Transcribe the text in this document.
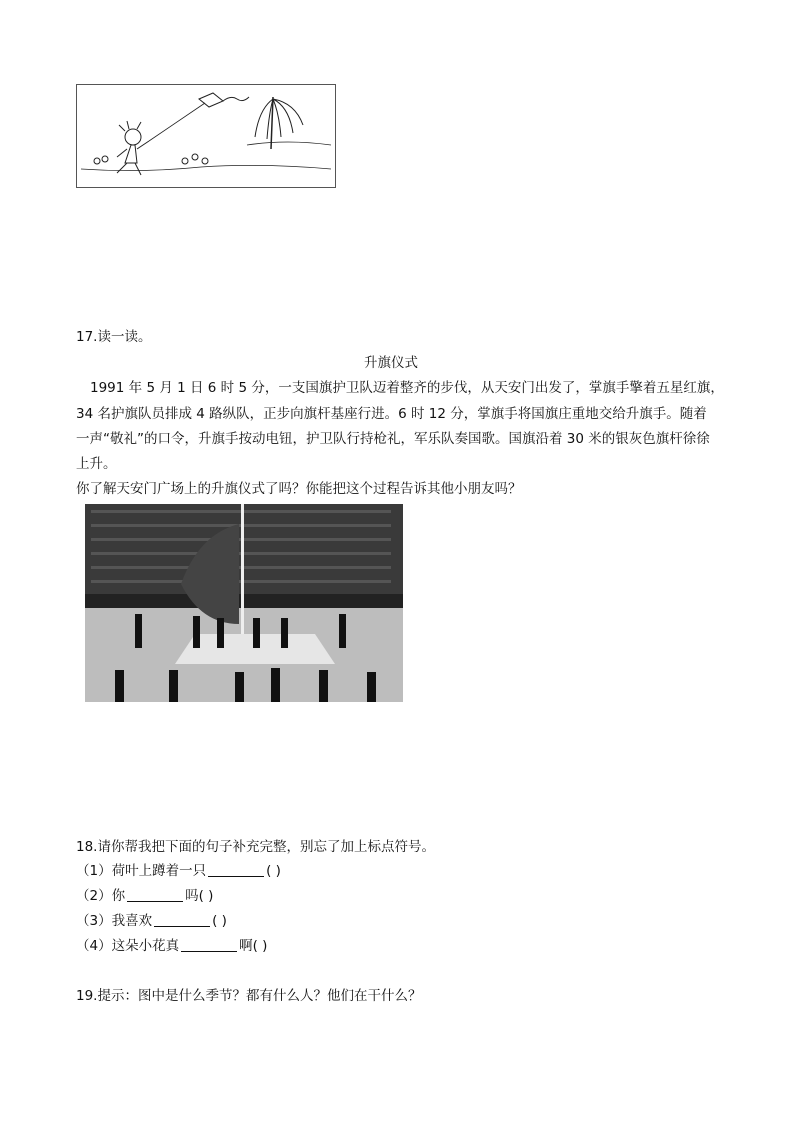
17.读一读。
升旗仪式
1991 年 5 月 1 日 6 时 5 分，一支国旗护卫队迈着整齐的步伐，从天安门出发了，掌旗手擎着五星红旗，
34 名护旗队员排成 4 路纵队，正步向旗杆基座行进。6 时 12 分，掌旗手将国旗庄重地交给升旗手。随着
一声“敬礼”的口令，升旗手按动电钮，护卫队行持枪礼，军乐队奏国歌。国旗沿着 30 米的银灰色旗杆徐徐
上升。
你了解天安门广场上的升旗仪式了吗？你能把这个过程告诉其他小朋友吗？
18.请你帮我把下面的句子补充完整，别忘了加上标点符号。
（1）荷叶上蹲着一只	( )
（2）你	吗( )
（3）我喜欢	( )
（4）这朵小花真	啊( )
19.提示：图中是什么季节？都有什么人？他们在干什么？
